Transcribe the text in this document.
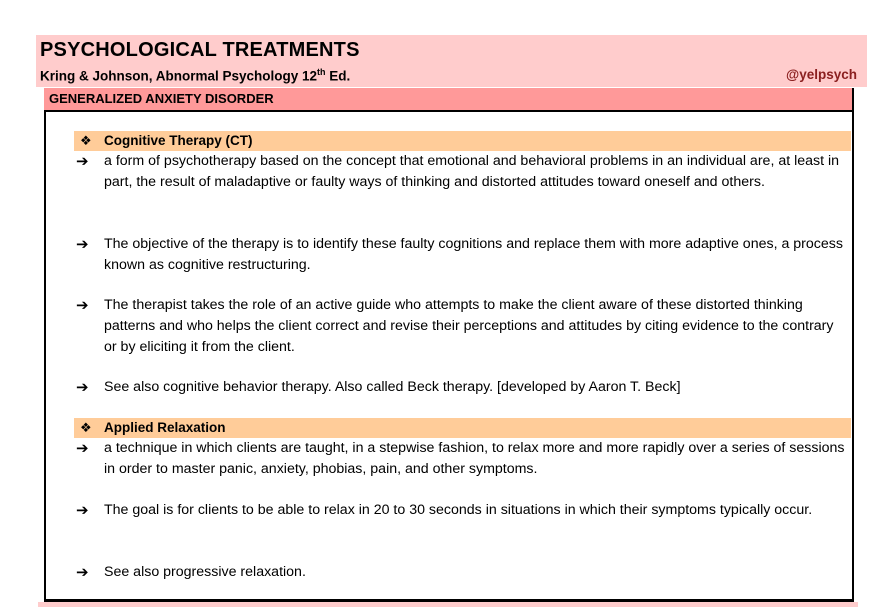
PSYCHOLOGICAL TREATMENTS
Kring & Johnson, Abnormal Psychology 12th Ed.	@yelpsych
GENERALIZED ANXIETY DISORDER
❖ Cognitive Therapy (CT)
➔ a form of psychotherapy based on the concept that emotional and behavioral problems in an individual are, at least in part, the result of maladaptive or faulty ways of thinking and distorted attitudes toward oneself and others.
➔ The objective of the therapy is to identify these faulty cognitions and replace them with more adaptive ones, a process known as cognitive restructuring.
➔ The therapist takes the role of an active guide who attempts to make the client aware of these distorted thinking patterns and who helps the client correct and revise their perceptions and attitudes by citing evidence to the contrary or by eliciting it from the client.
➔ See also cognitive behavior therapy. Also called Beck therapy. [developed by Aaron T. Beck]
❖ Applied Relaxation
➔ a technique in which clients are taught, in a stepwise fashion, to relax more and more rapidly over a series of sessions in order to master panic, anxiety, phobias, pain, and other symptoms.
➔ The goal is for clients to be able to relax in 20 to 30 seconds in situations in which their symptoms typically occur.
➔ See also progressive relaxation.
